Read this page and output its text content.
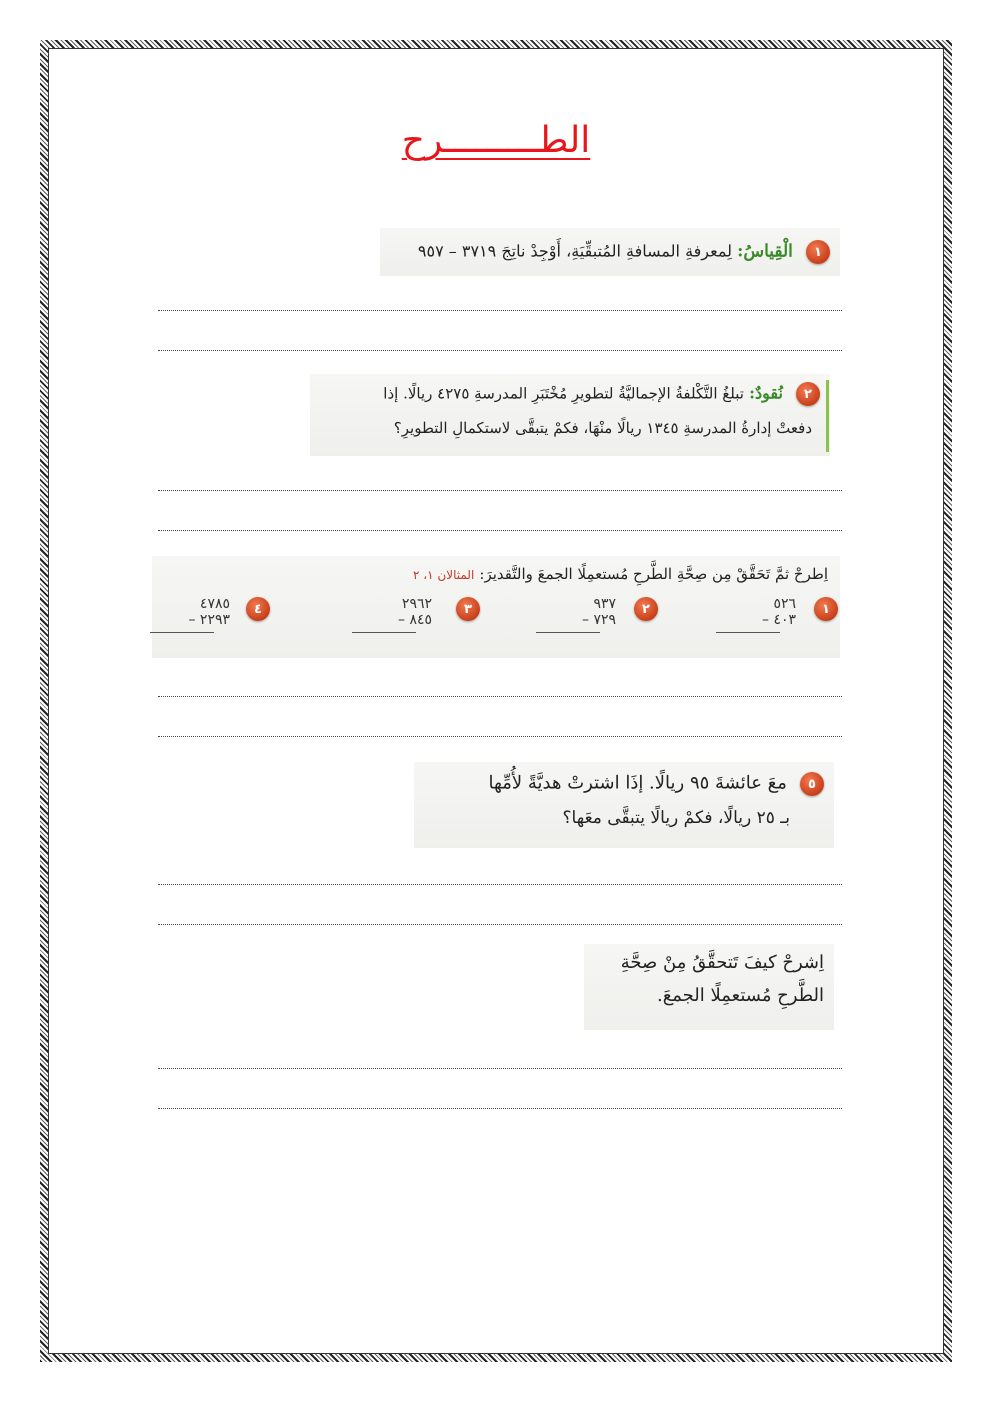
الطـــــــــرح
١ الْقِياسُ: لِمعرفةِ المسافةِ المُتبقِّيَةِ، أَوْجِدْ ناتِجَ ٣٧١٩ – ٩٥٧
٢ نُقودٌ: تبلغُ التَّكْلفةُ الإجماليَّةُ لتطويرِ مُخْتَبَرِ المدرسةِ ٤٢٧٥ ريالًا. إذا
دفعتْ إدارةُ المدرسةِ ١٣٤٥ ريالًا منْهَا، فكمْ يتبقَّى لاستكمالِ التطويرِ؟
اِطرحْ ثمَّ تَحَقَّقْ مِن صِحَّةِ الطَّرحِ مُستعمِلًا الجمعَ والتَّقديرَ: المثالان ١، ٢
١
٥٢٦
٤٠٣ –
٢
٩٣٧
٧٢٩ –
٣
٢٩٦٢
٨٤٥ –
٤
٤٧٨٥
٢٢٩٣ –
٥ معَ عائشةَ ٩٥ ريالًا. إذَا اشترتْ هديَّةً لأُمِّها
بـ ٢٥ ريالًا، فكمْ ريالًا يتبقَّى معَها؟
اِشرحْ كيفَ تَتحقَّقُ مِنْ صِحَّةِ
الطَّرحِ مُستعمِلًا الجمعَ.
